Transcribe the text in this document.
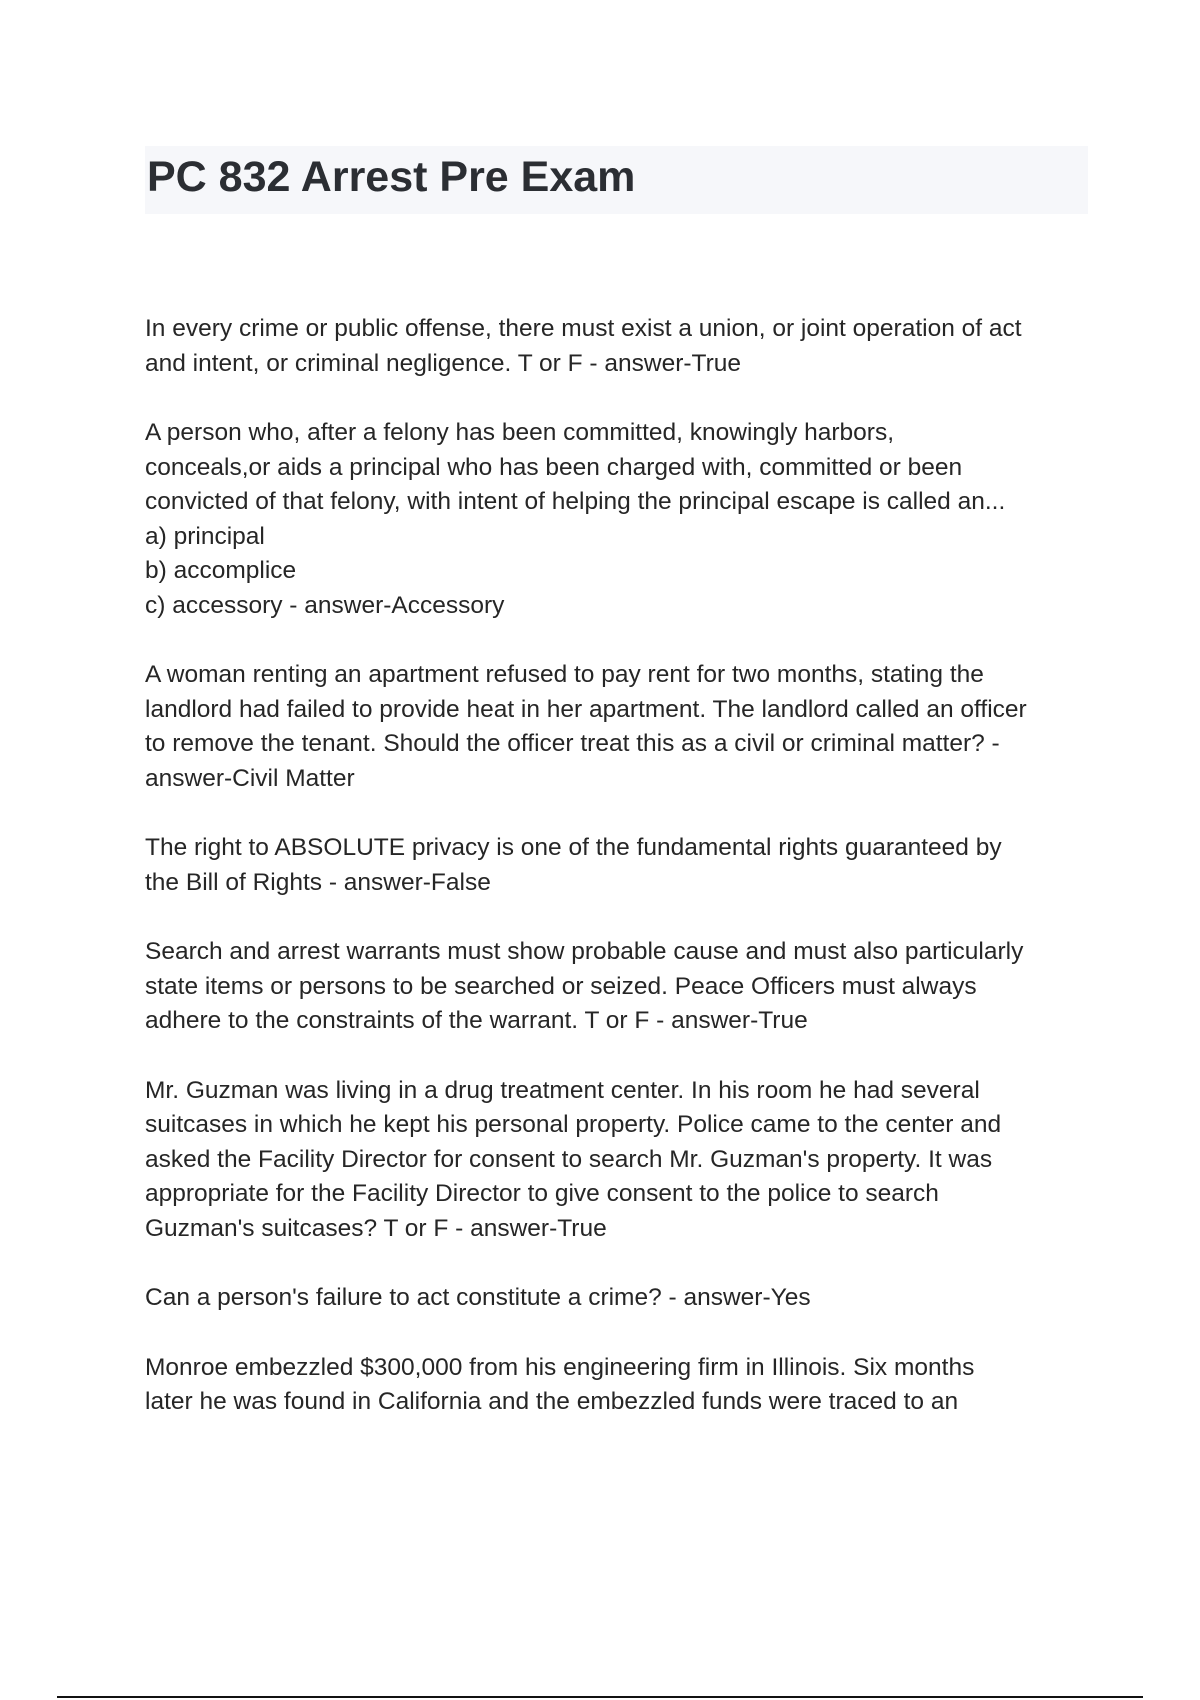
PC 832 Arrest Pre Exam

In every crime or public offense, there must exist a union, or joint operation of act
and intent, or criminal negligence. T or F - answer-True

A person who, after a felony has been committed, knowingly harbors,
conceals,or aids a principal who has been charged with, committed or been
convicted of that felony, with intent of helping the principal escape is called an...
a) principal
b) accomplice
c) accessory - answer-Accessory

A woman renting an apartment refused to pay rent for two months, stating the
landlord had failed to provide heat in her apartment. The landlord called an officer
to remove the tenant. Should the officer treat this as a civil or criminal matter? -
answer-Civil Matter

The right to ABSOLUTE privacy is one of the fundamental rights guaranteed by
the Bill of Rights - answer-False

Search and arrest warrants must show probable cause and must also particularly
state items or persons to be searched or seized. Peace Officers must always
adhere to the constraints of the warrant. T or F - answer-True

Mr. Guzman was living in a drug treatment center. In his room he had several
suitcases in which he kept his personal property. Police came to the center and
asked the Facility Director for consent to search Mr. Guzman's property. It was
appropriate for the Facility Director to give consent to the police to search
Guzman's suitcases? T or F - answer-True

Can a person's failure to act constitute a crime? - answer-Yes

Monroe embezzled $300,000 from his engineering firm in Illinois. Six months
later he was found in California and the embezzled funds were traced to an
